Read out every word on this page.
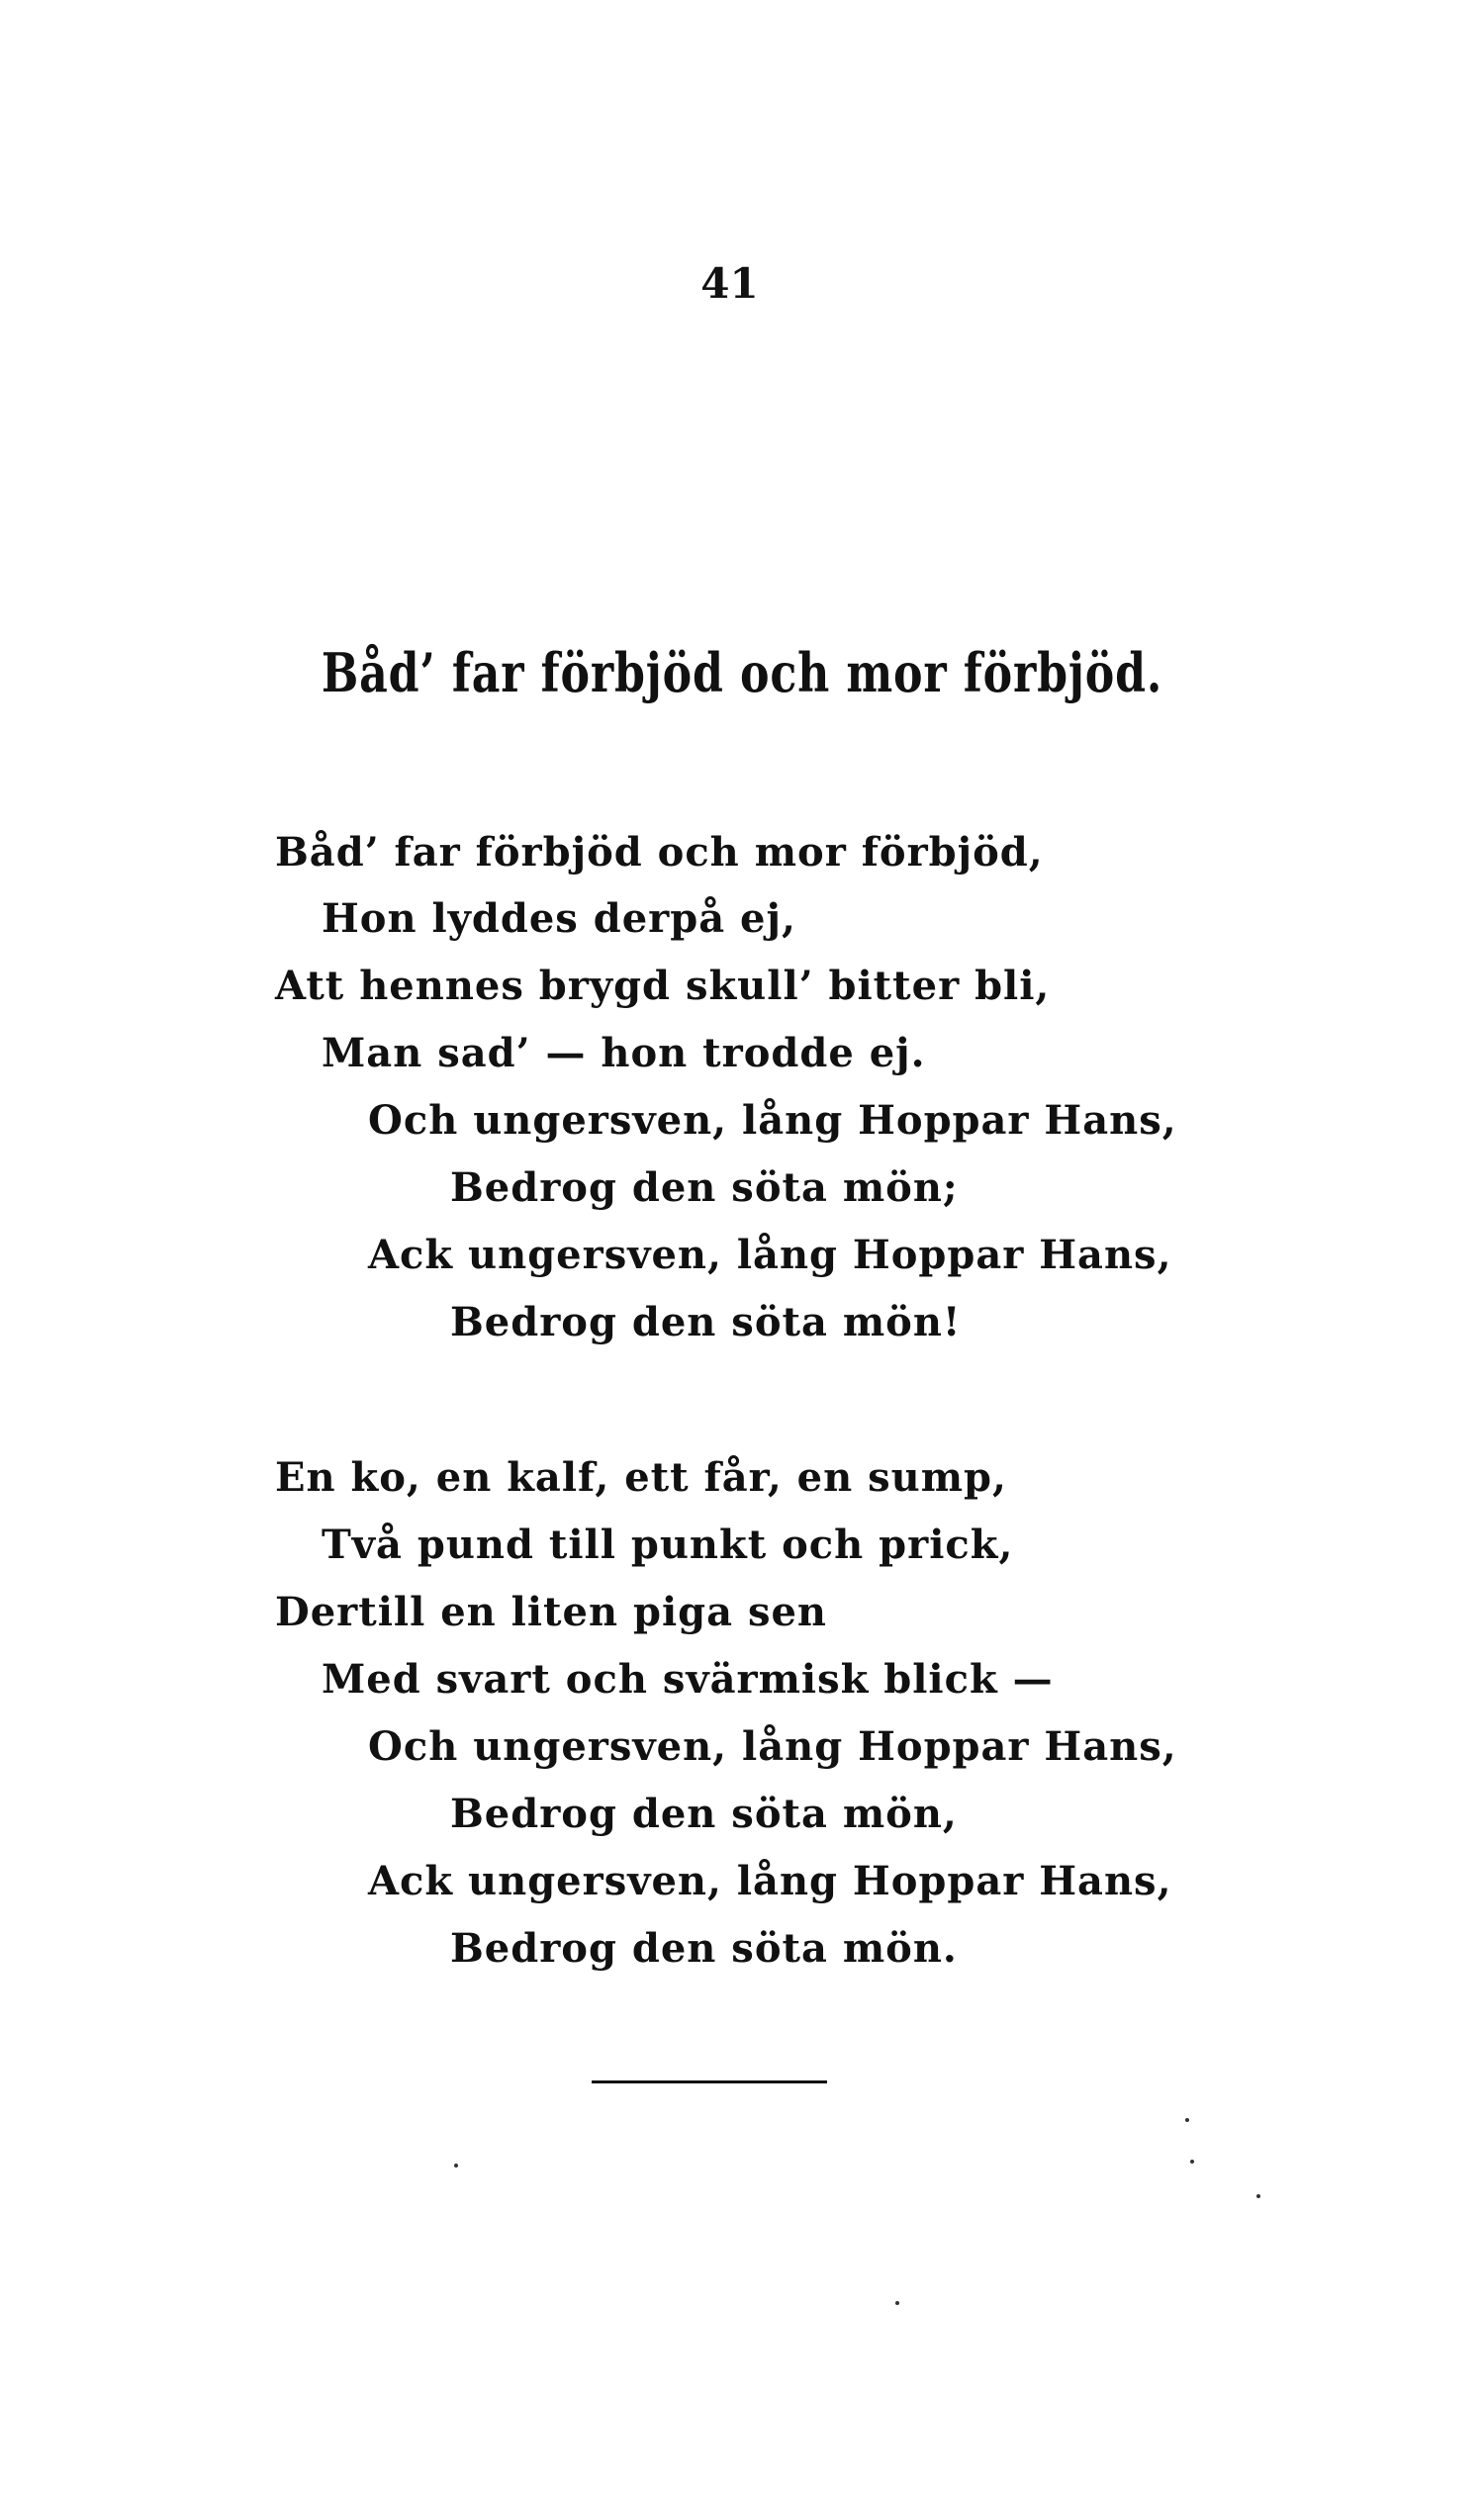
41
Båd’ far förbjöd och mor förbjöd.
Båd’ far förbjöd och mor förbjöd,
Hon lyddes derpå ej,
Att hennes brygd skull’ bitter bli,
Man sad’ — hon trodde ej.
Och ungersven, lång Hoppar Hans,
Bedrog den söta mön;
Ack ungersven, lång Hoppar Hans,
Bedrog den söta mön!
En ko, en kalf, ett får, en sump,
Två pund till punkt och prick,
Dertill en liten piga sen
Med svart och svärmisk blick —
Och ungersven, lång Hoppar Hans,
Bedrog den söta mön,
Ack ungersven, lång Hoppar Hans,
Bedrog den söta mön.
